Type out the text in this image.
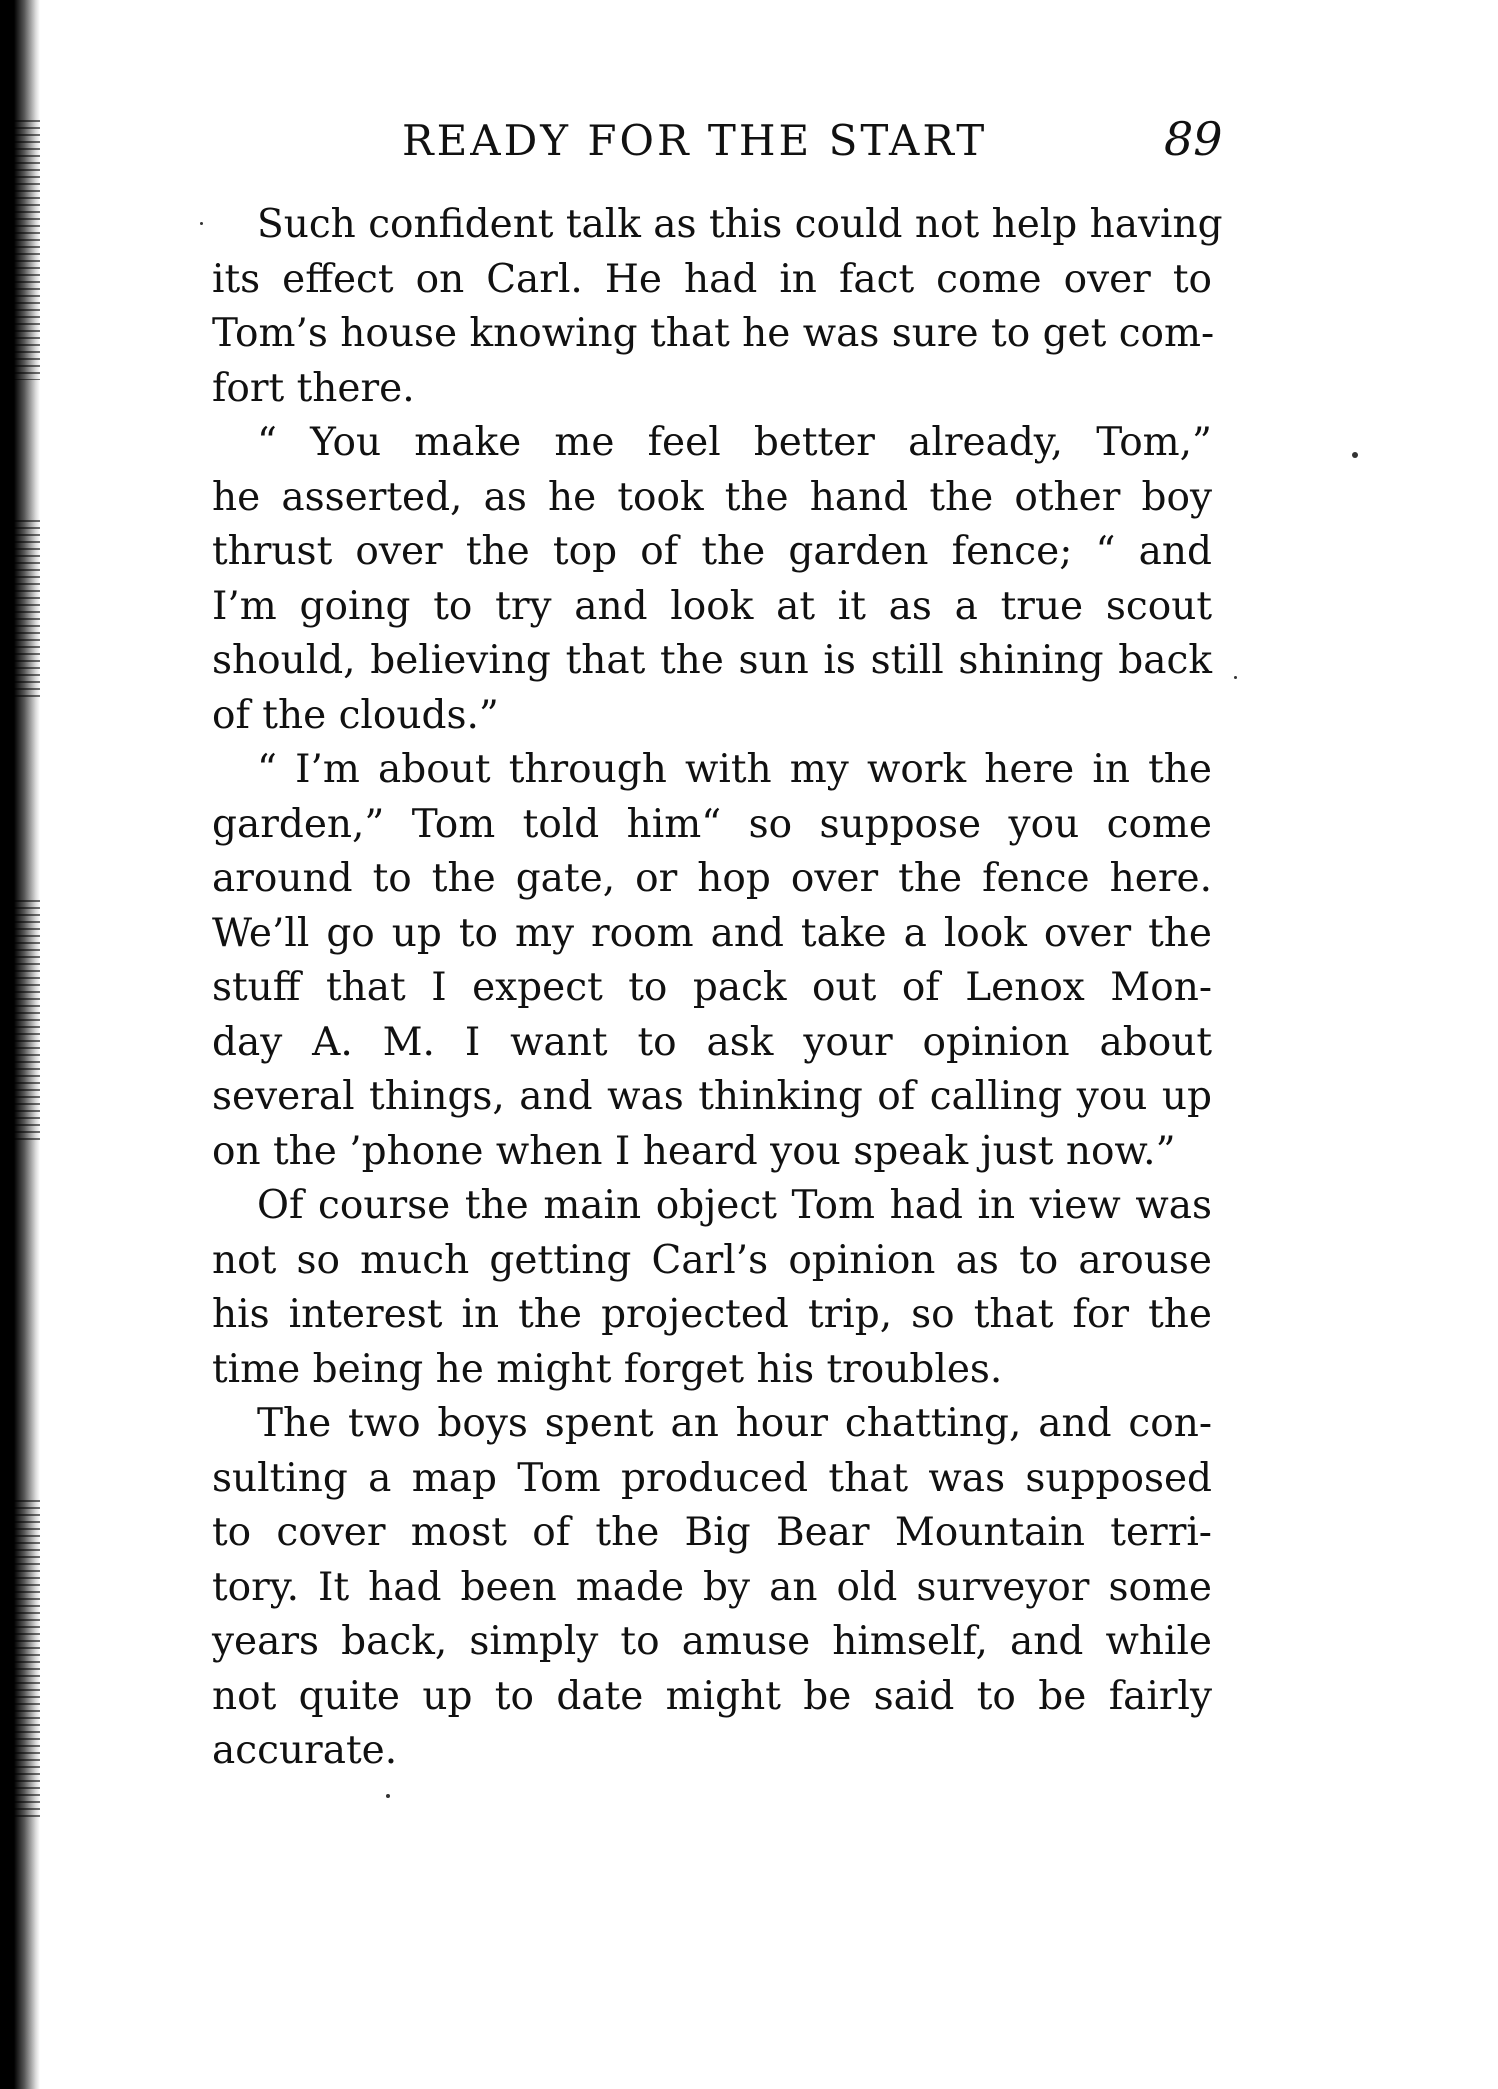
READY FOR THE START	89
Such confident talk as this could not help having
its effect on Carl. He had in fact come over to
Tom’s house knowing that he was sure to get com-
fort there.
“ You make me feel better already, Tom,”
he asserted, as he took the hand the other boy
thrust over the top of the garden fence; “ and
I’m going to try and look at it as a true scout
should, believing that the sun is still shining back
of the clouds.”
“ I’m about through with my work here in the
garden,” Tom told him“ so suppose you come
around to the gate, or hop over the fence here.
We’ll go up to my room and take a look over the
stuff that I expect to pack out of Lenox Mon-
day A. M. I want to ask your opinion about
several things, and was thinking of calling you up
on the ’phone when I heard you speak just now.”
Of course the main object Tom had in view was
not so much getting Carl’s opinion as to arouse
his interest in the projected trip, so that for the
time being he might forget his troubles.
The two boys spent an hour chatting, and con-
sulting a map Tom produced that was supposed
to cover most of the Big Bear Mountain terri-
tory. It had been made by an old surveyor some
years back, simply to amuse himself, and while
not quite up to date might be said to be fairly
accurate.
